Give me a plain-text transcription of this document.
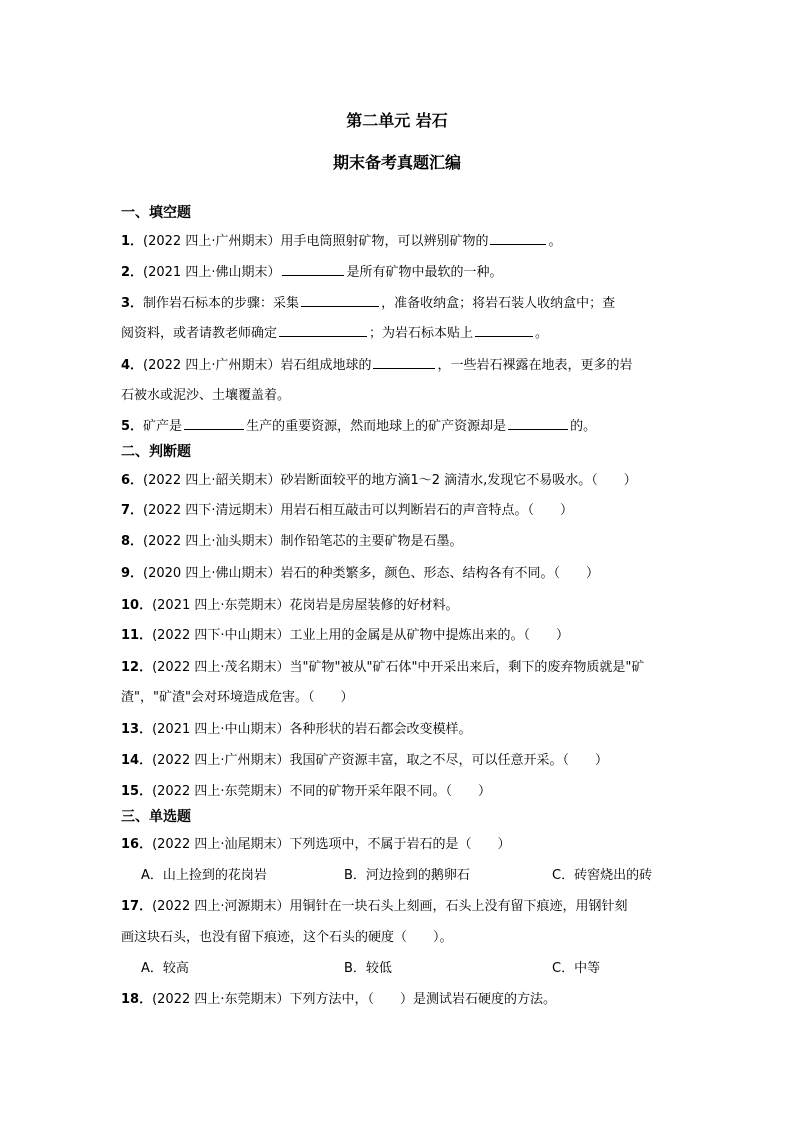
第二单元 岩石
期末备考真题汇编
一、填空题
1．(2022 四上·广州期末）用手电筒照射矿物，可以辨别矿物的	。
2．(2021 四上·佛山期末）	是所有矿物中最软的一种。
3．制作岩石标本的步骤：采集	，准备收纳盒；将岩石装人收纳盒中；查
阅资料，或者请教老师确定	；为岩石标本贴上	。
4．(2022 四上·广州期末）岩石组成地球的	，一些岩石裸露在地表，更多的岩
石被水或泥沙、土壤覆盖着。
5．矿产是	生产的重要资源，然而地球上的矿产资源却是	的。
二、判断题
6．(2022 四上·韶关期末）砂岩断面较平的地方滴1～2 滴清水,发现它不易吸水。（　　）
7．(2022 四下·清远期末）用岩石相互敲击可以判断岩石的声音特点。（　　）
8．(2022 四上·汕头期末）制作铅笔芯的主要矿物是石墨。
9．(2020 四上·佛山期末）岩石的种类繁多，颜色、形态、结构各有不同。（　　）
10．(2021 四上·东莞期末）花岗岩是房屋装修的好材料。
11．(2022 四下·中山期末）工业上用的金属是从矿物中提炼出来的。（　　）
12．(2022 四上·茂名期末）当"矿物"被从"矿石体"中开采出来后，剩下的废弃物质就是"矿
渣"，"矿渣"会对环境造成危害。（　　）
13．(2021 四上·中山期末）各种形状的岩石都会改变模样。
14．(2022 四上·广州期末）我国矿产资源丰富，取之不尽，可以任意开采。（　　）
15．(2022 四上·东莞期末）不同的矿物开采年限不同。（　　）
三、单选题
16．(2022 四上·汕尾期末）下列选项中，不属于岩石的是（　　）
A．山上捡到的花岗岩	B．河边捡到的鹅卵石	C．砖窖烧出的砖
17．(2022 四上·河源期末）用铜针在一块石头上刻画，石头上没有留下痕迹，用钢针刻
画这块石头，也没有留下痕迹，这个石头的硬度（　　）。
A．较高	B．较低	C．中等
18．(2022 四上·东莞期末）下列方法中，（　　）是测试岩石硬度的方法。
